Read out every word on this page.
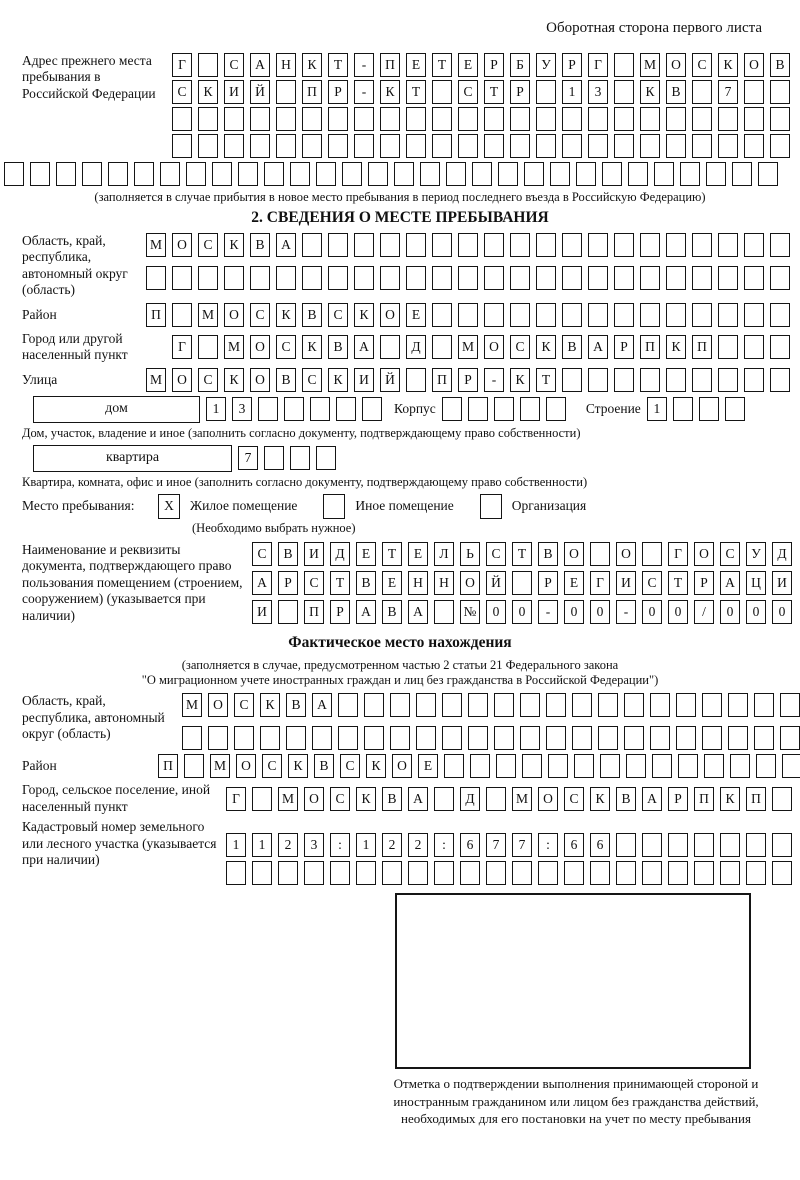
Оборотная сторона первого листа
Адрес прежнего места пребывания в Российской Федерации
Г	С	А	Н	К	Т	-	П	Е	Т	Е	Р	Б	У	Р	Г	М	О	С	К	О	В
С	К	И	Й	П	Р	-	К	Т	С	Т	Р	1	3	К	В	7
(заполняется в случае прибытия в новое место пребывания в период последнего въезда в Российскую Федерацию)
2. СВЕДЕНИЯ О МЕСТЕ ПРЕБЫВАНИЯ
Область, край, республика, автономный округ (область)
М	О	С	К	В	А
Район	П	М	О	С	К	В	С	К	О	Е
Город или другой населенный пункт
Г	М	О	С	К	В	А	Д	М	О	С	К	В	А	Р	П	К	П
Улица	М	О	С	К	О	В	С	К	И	Й	П	Р	-	К	Т
дом	1	3	Корпус	Строение 1
Дом, участок, владение и иное (заполнить согласно документу, подтверждающему право собственности)
квартира	7
Квартира, комната, офис и иное (заполнить согласно документу, подтверждающему право собственности)
Место пребывания:	X	Жилое помещение	Иное помещение	Организация
(Необходимо выбрать нужное)
Наименование и реквизиты документа, подтверждающего право пользования помещением (строением, сооружением) (указывается при наличии)
С	В	И	Д	Е	Т	Е	Л	Ь	С	Т	В	О	О	Г	О	С	У	Д
А	Р	С	Т	В	Е	Н	Н	О	Й	Р	Е	Г	И	С	Т	Р	А	Ц	И
И	П	Р	А	В	А	№	0	0	-	0	0	-	0	0	/	0	0	0
Фактическое место нахождения
(заполняется в случае, предусмотренном частью 2 статьи 21 Федерального закона
"О миграционном учете иностранных граждан и лиц без гражданства в Российской Федерации")
Область, край, республика, автономный округ (область)
М	О	С	К	В	А
Район	П	М	О	С	К	В	С	К	О	Е
Город, сельское поселение, иной населенный пункт
Г	М	О	С	К	В	А	Д	М	О	С	К	В	А	Р	П	К	П
Кадастровый номер земельного или лесного участка (указывается при наличии)
1	1	2	3	:	1	2	2	:	6	7	7	:	6	6
Отметка о подтверждении выполнения принимающей стороной и иностранным гражданином или лицом без гражданства действий, необходимых для его постановки на учет по месту пребывания
